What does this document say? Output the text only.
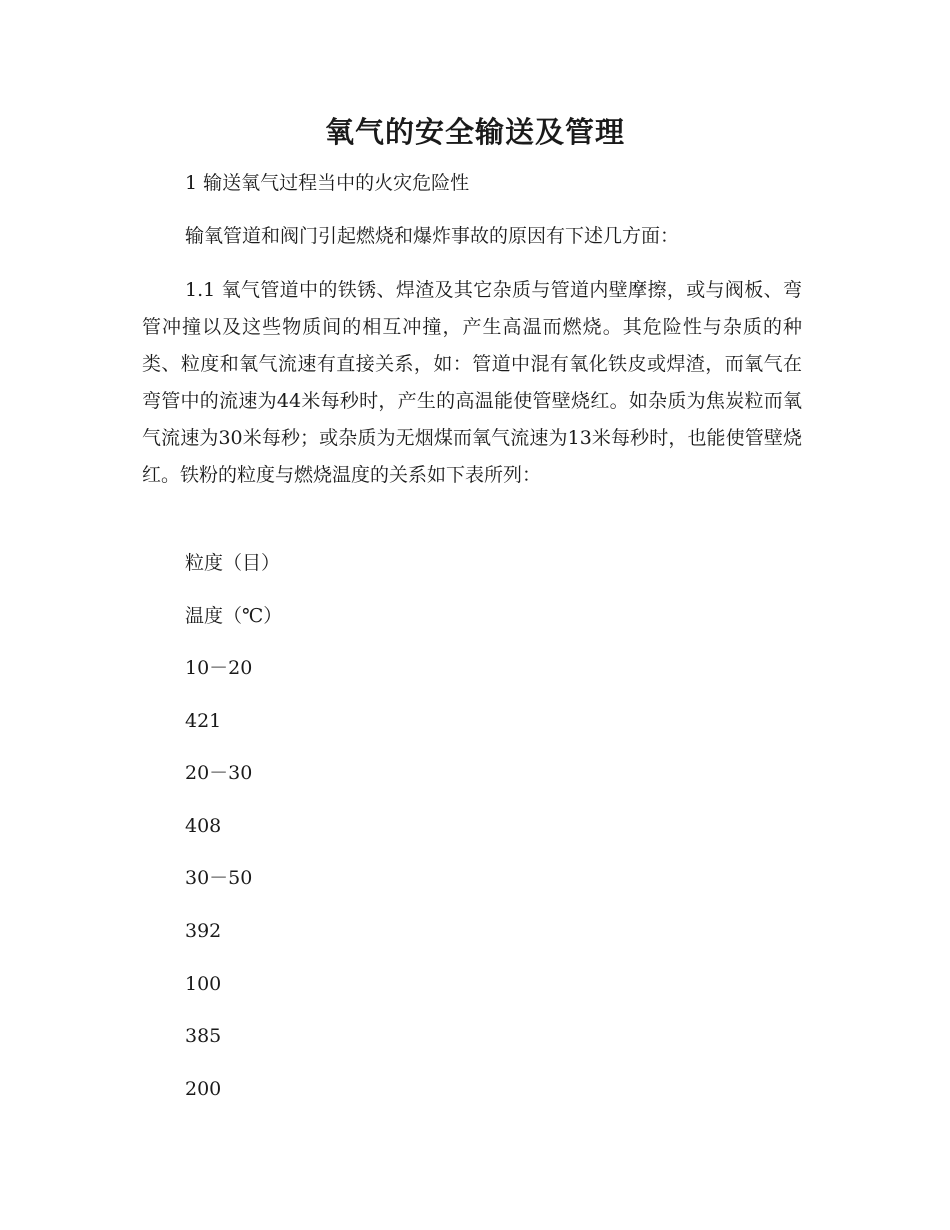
氧气的安全输送及管理
1 输送氧气过程当中的火灾危险性
输氧管道和阀门引起燃烧和爆炸事故的原因有下述几方面：

1.1 氧气管道中的铁锈、焊渣及其它杂质与管道内壁摩擦，或与阀板、弯管冲撞以及这些物质间的相互冲撞，产生高温而燃烧。其危险性与杂质的种类、粒度和氧气流速有直接关系，如：管道中混有氧化铁皮或焊渣，而氧气在弯管中的流速为44米每秒时，产生的高温能使管壁烧红。如杂质为焦炭粒而氧气流速为30米每秒；或杂质为无烟煤而氧气流速为13米每秒时，也能使管壁烧红。铁粉的粒度与燃烧温度的关系如下表所列：

粒度（目）
温度（℃）
10－20
421
20－30
408
30－50
392
100
385
200
